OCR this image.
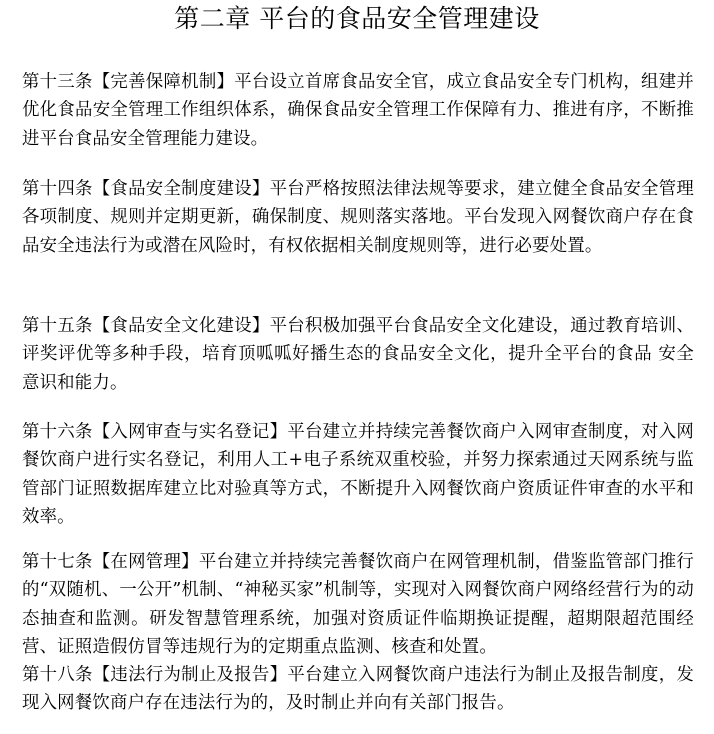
第二章 平台的食品安全管理建设

第十三条【完善保障机制】平台设立首席食品安全官，成立食品安全专门机构，组建并优化食品安全管理工作组织体系，确保食品安全管理工作保障有力、推进有序，不断推进平台食品安全管理能力建设。

第十四条【食品安全制度建设】平台严格按照法律法规等要求，建立健全食品安全管理各项制度、规则并定期更新，确保制度、规则落实落地。平台发现入网餐饮商户存在食品安全违法行为或潜在风险时，有权依据相关制度规则等，进行必要处置。

第十五条【食品安全文化建设】平台积极加强平台食品安全文化建设，通过教育培训、评奖评优等多种手段，培育顶呱呱好播生态的食品安全文化，提升全平台的食品 安全意识和能力。

第十六条【入网审查与实名登记】平台建立并持续完善餐饮商户入网审查制度，对入网餐饮商户进行实名登记，利用人工+电子系统双重校验，并努力探索通过天网系统与监管部门证照数据库建立比对验真等方式，不断提升入网餐饮商户资质证件审查的水平和效率。

第十七条【在网管理】平台建立并持续完善餐饮商户在网管理机制，借鉴监管部门推行的“双随机、一公开”机制、“神秘买家”机制等，实现对入网餐饮商户网络经营行为的动态抽查和监测。研发智慧管理系统，加强对资质证件临期换证提醒，超期限超范围经营、证照造假仿冒等违规行为的定期重点监测、核查和处置。

第十八条【违法行为制止及报告】平台建立入网餐饮商户违法行为制止及报告制度，发现入网餐饮商户存在违法行为的，及时制止并向有关部门报告。
